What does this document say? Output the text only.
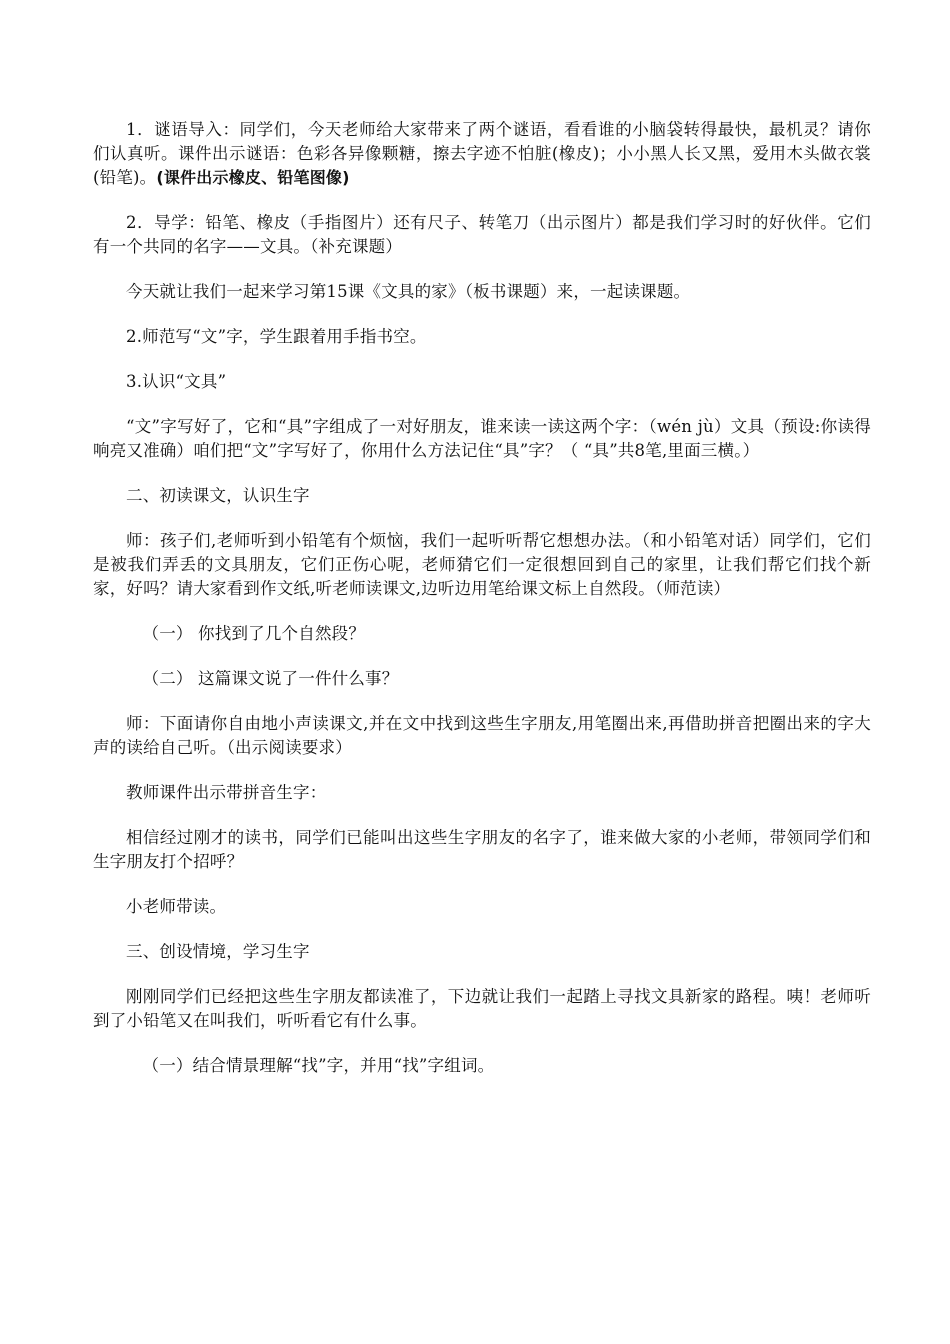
1．谜语导入：同学们，今天老师给大家带来了两个谜语，看看谁的小脑袋转得最快，最机灵？请你们认真听。课件出示谜语：色彩各异像颗糖，擦去字迹不怕脏(橡皮)；小小黑人长又黑，爱用木头做衣裳(铅笔)。(课件出示橡皮、铅笔图像)

2．导学：铅笔、橡皮（手指图片）还有尺子、转笔刀（出示图片）都是我们学习时的好伙伴。它们有一个共同的名字——文具。（补充课题）

今天就让我们一起来学习第15课《文具的家》（板书课题）来，一起读课题。

2.师范写“文”字，学生跟着用手指书空。

3.认识“文具”

“文”字写好了，它和“具”字组成了一对好朋友，谁来读一读这两个字：（wén jù）文具（预设:你读得响亮又准确）咱们把“文”字写好了，你用什么方法记住“具”字？（ “具”共8笔,里面三横。）

二、初读课文，认识生字

师：孩子们,老师听到小铅笔有个烦恼，我们一起听听帮它想想办法。（和小铅笔对话）同学们，它们是被我们弄丢的文具朋友，它们正伤心呢，老师猜它们一定很想回到自己的家里，让我们帮它们找个新家，好吗？请大家看到作文纸,听老师读课文,边听边用笔给课文标上自然段。（师范读）

（一） 你找到了几个自然段？

（二） 这篇课文说了一件什么事？

师：下面请你自由地小声读课文,并在文中找到这些生字朋友,用笔圈出来,再借助拼音把圈出来的字大声的读给自己听。（出示阅读要求）

教师课件出示带拼音生字：

相信经过刚才的读书，同学们已能叫出这些生字朋友的名字了，谁来做大家的小老师，带领同学们和生字朋友打个招呼？

小老师带读。

三、创设情境，学习生字

刚刚同学们已经把这些生字朋友都读准了，下边就让我们一起踏上寻找文具新家的路程。咦！老师听到了小铅笔又在叫我们，听听看它有什么事。

（一）结合情景理解“找”字，并用“找”字组词。
